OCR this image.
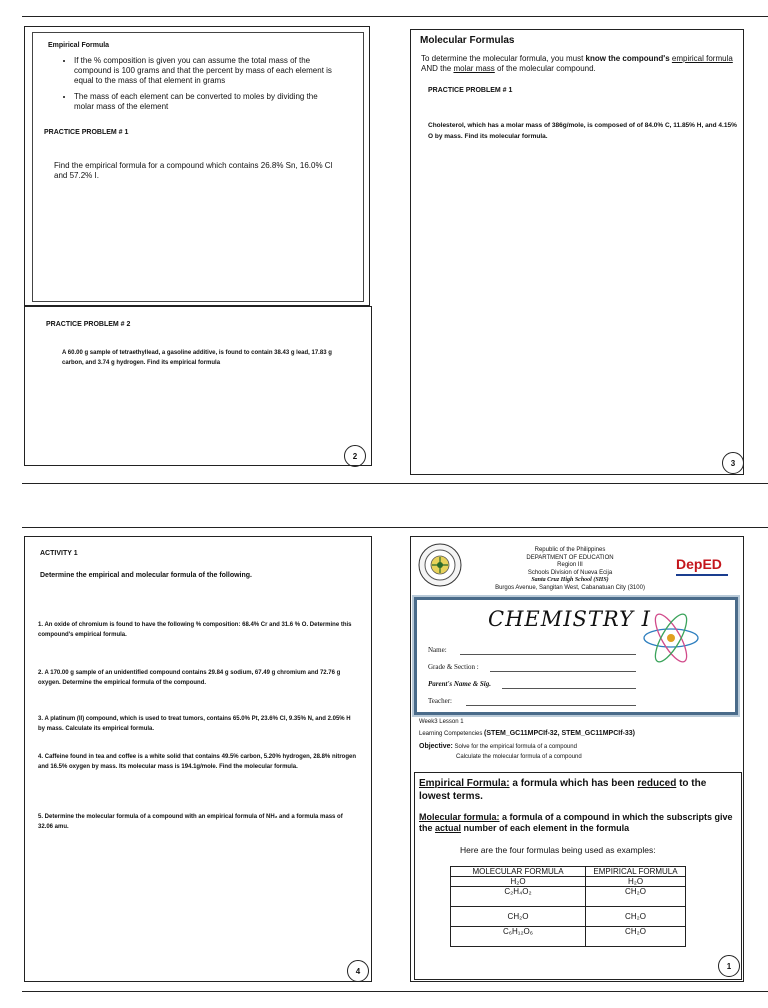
Empirical Formula
• If the % composition is given you can assume the total mass of the compound is 100 grams and that the percent by mass of each element is equal to the mass of that element in grams
• The mass of each element can be converted to moles by dividing the molar mass of the element
PRACTICE PROBLEM # 1
Find the empirical formula for a compound which contains 26.8% Sn, 16.0% Cl and 57.2% I.
PRACTICE PROBLEM # 2
A 60.00 g sample of tetraethyllead, a gasoline additive, is found to contain 38.43 g lead, 17.83 g carbon, and 3.74 g hydrogen. Find its empirical formula
2
Molecular Formulas
To determine the molecular formula, you must know the compound's empirical formula AND the molar mass of the molecular compound.
PRACTICE PROBLEM # 1
Cholesterol, which has a molar mass of 386g/mole, is composed of of 84.0% C, 11.85% H, and 4.15% O by mass. Find its molecular formula.
3
ACTIVITY 1
Determine the empirical and molecular formula of the following.
1. An oxide of chromium is found to have the following % composition: 68.4% Cr and 31.6 % O. Determine this compound's empirical formula.
2. A 170.00 g sample of an unidentified compound contains 29.84 g sodium, 67.49 g chromium and 72.76 g oxygen. Determine the empirical formula of the compound.
3. A platinum (II) compound, which is used to treat tumors, contains 65.0% Pt, 23.6% Cl, 9.35% N, and 2.05% H by mass. Calculate its empirical formula.
4. Caffeine found in tea and coffee is a white solid that contains 49.5% carbon, 5.20% hydrogen, 28.8% nitrogen and 16.5% oxygen by mass. Its molecular mass is 194.1g/mole. Find the molecular formula.
5. Determine the molecular formula of a compound with an empirical formula of NH₂ and a formula mass of 32.06 amu.
4
Republic of the Philippines
DEPARTMENT OF EDUCATION
Region III
Schools Division of Nueva Ecija
Santa Cruz High School (SHS)
Burgos Avenue, Sangitan West, Cabanatuan City (3100)
DepED
CHEMISTRY I
Name:
Grade & Section :
Parent's Name & Sig.
Teacher:
Week3 Lesson 1
Learning Competencies (STEM_GC11MPCIf-32, STEM_GC11MPCIf-33)
Objective: Solve for the empirical formula of a compound
Calculate the molecular formula of a compound
Empirical Formula: a formula which has been reduced to the lowest terms.
Molecular formula: a formula of a compound in which the subscripts give the actual number of each element in the formula
Here are the four formulas being used as examples:
MOLECULAR FORMULA	EMPIRICAL FORMULA
H₂O	H₂O
C₂H₄O₂	CH₂O
CH₂O	CH₂O
C₆H₁₂O₆	CH₂O
1
